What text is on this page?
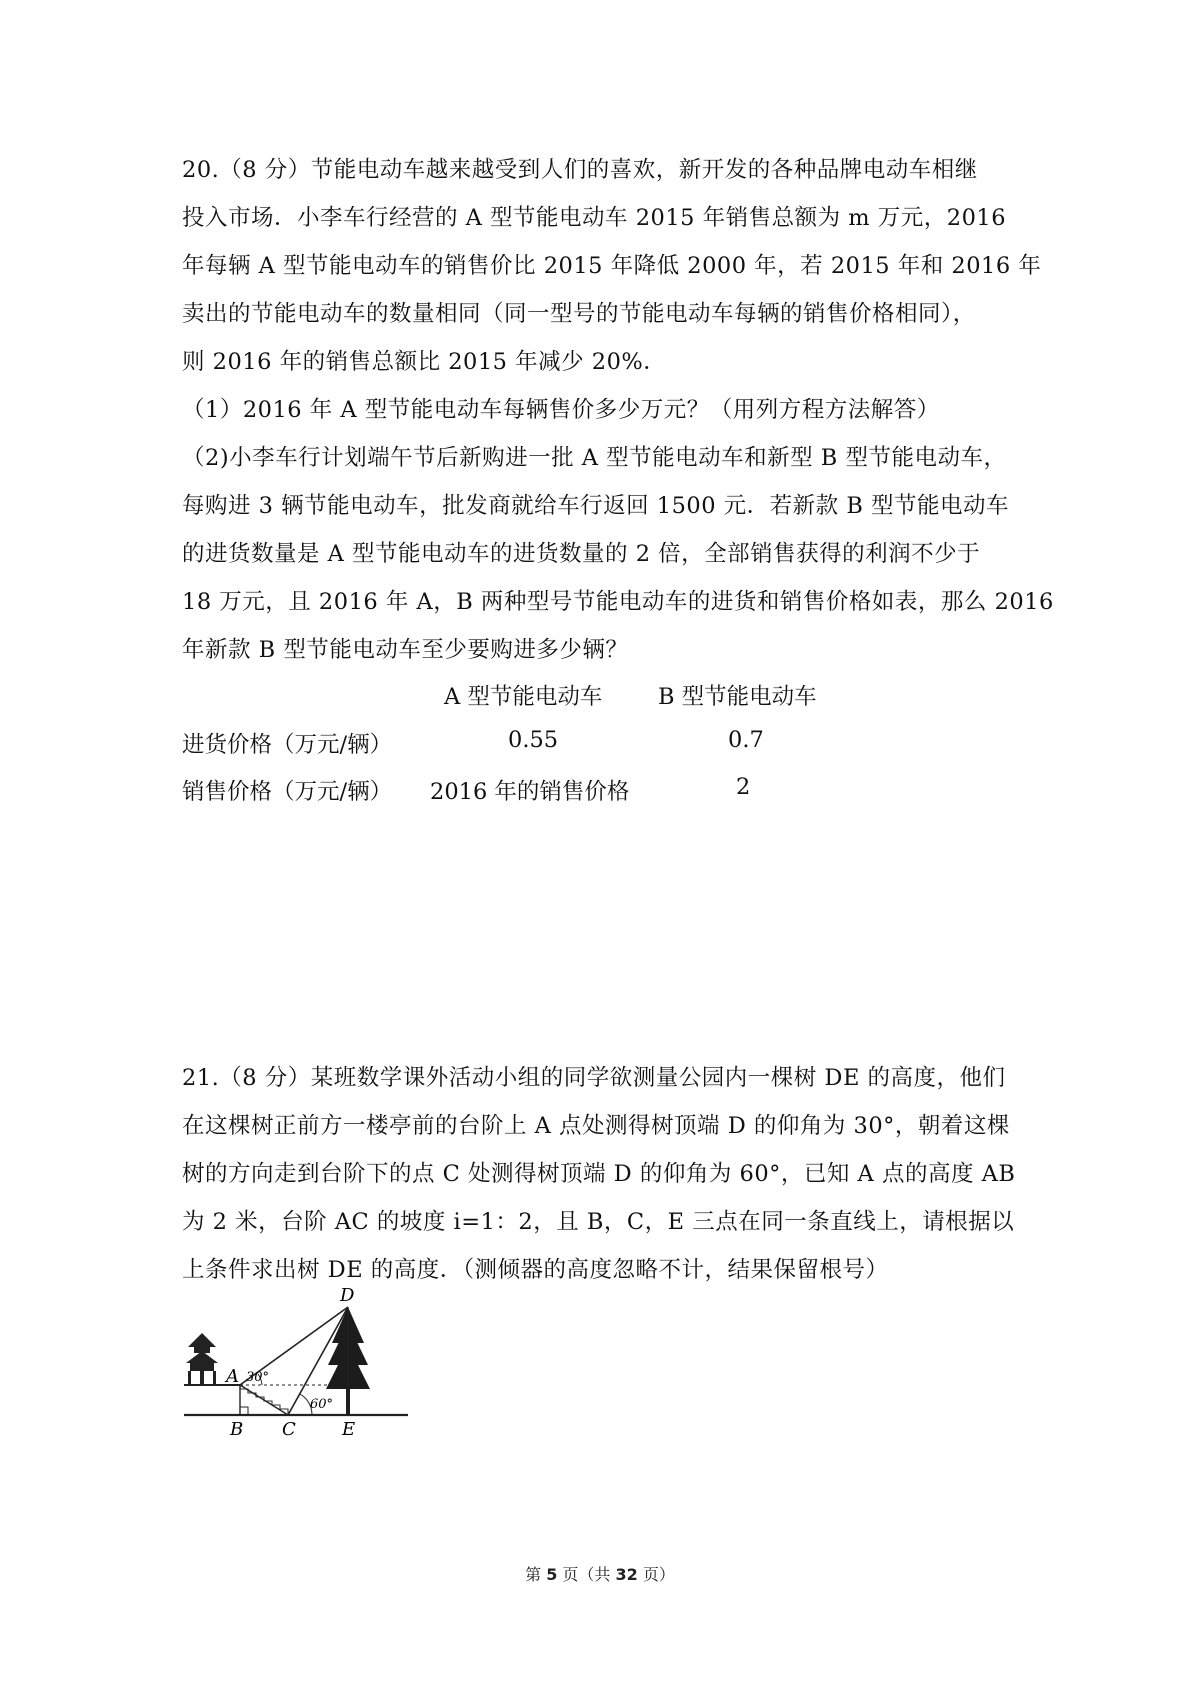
20.（8 分）节能电动车越来越受到人们的喜欢，新开发的各种品牌电动车相继
投入市场．小李车行经营的 A 型节能电动车 2015 年销售总额为 m 万元，2016
年每辆 A 型节能电动车的销售价比 2015 年降低 2000 年，若 2015 年和 2016 年
卖出的节能电动车的数量相同（同一型号的节能电动车每辆的销售价格相同），
则 2016 年的销售总额比 2015 年减少 20%．
（1）2016 年 A 型节能电动车每辆售价多少万元？（用列方程方法解答）
（2)小李车行计划端午节后新购进一批 A 型节能电动车和新型 B 型节能电动车，
每购进 3 辆节能电动车，批发商就给车行返回 1500 元．若新款 B 型节能电动车
的进货数量是 A 型节能电动车的进货数量的 2 倍，全部销售获得的利润不少于
18 万元，且 2016 年 A，B 两种型号节能电动车的进货和销售价格如表，那么 2016
年新款 B 型节能电动车至少要购进多少辆？
A 型节能电动车 B 型节能电动车
进货价格（万元/辆）	0.55	0.7
销售价格（万元/辆） 2016 年的销售价格	2
21.（8 分）某班数学课外活动小组的同学欲测量公园内一棵树 DE 的高度，他们
在这棵树正前方一楼亭前的台阶上 A 点处测得树顶端 D 的仰角为 30°，朝着这棵
树的方向走到台阶下的点 C 处测得树顶端 D 的仰角为 60°，已知 A 点的高度 AB
为 2 米，台阶 AC 的坡度 i=1：2，且 B，C，E 三点在同一条直线上，请根据以
上条件求出树 DE 的高度．（测倾器的高度忽略不计，结果保留根号）
D
A
B C	E
30°
60°
第 5 页（共 32 页）
